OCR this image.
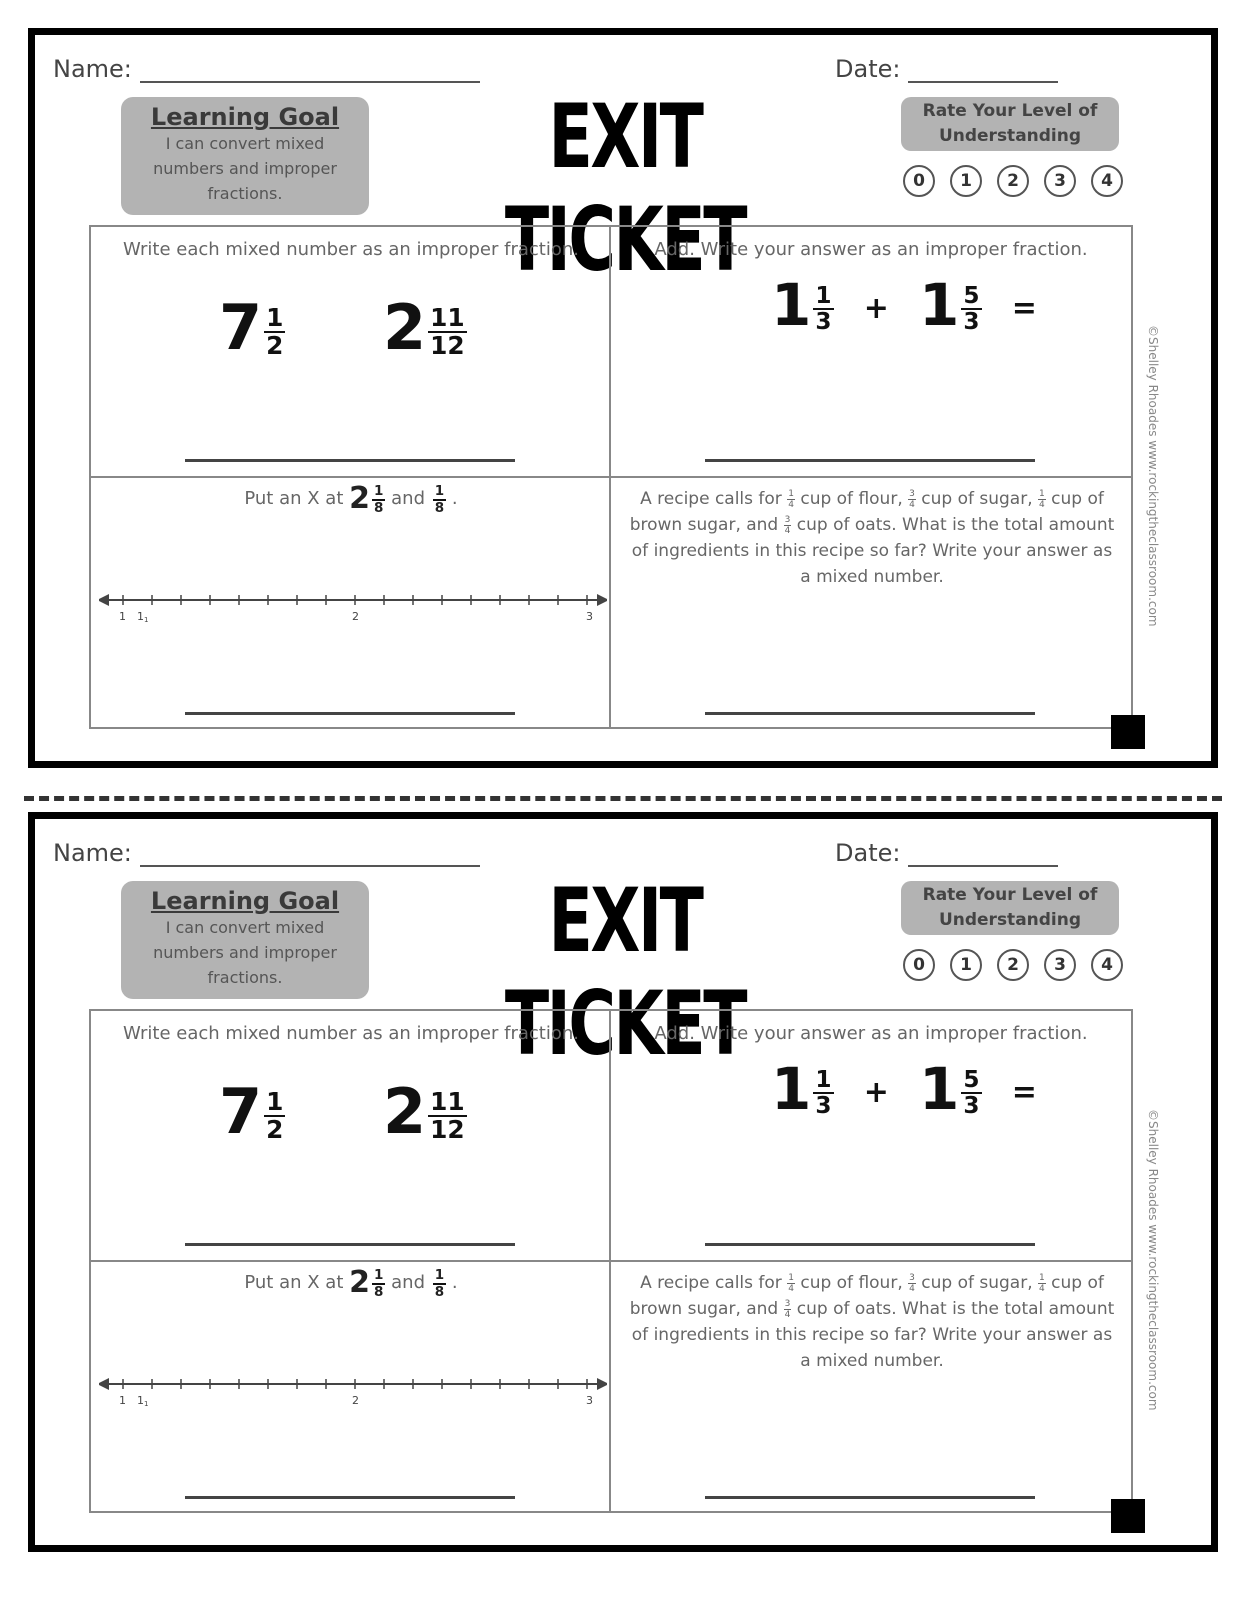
Name:	Date:
Learning Goal
I can convert mixed numbers and improper fractions.
EXIT TICKET
Rate Your Level of Understanding
0	1	2	3	4
Write each mixed number as an improper fraction.
$7 \frac{1}{2} 2 \frac{11}{12}$
Add. Write your answer as an improper fraction.
$1 \frac{1}{3} + 1 \frac{5}{3}$ =
Put an X at $2 \frac{1}{8}$ and $\frac{1}{8}$ .
1 1 1	2	3
A recipe calls for $\frac{1}{4}$ cup of flour, $\frac{3}{4}$ cup of sugar, $\frac{1}{4}$ cup of brown sugar, and $\frac{3}{4}$ cup of oats. What is the total amount of ingredients in this recipe so far? Write your answer as a mixed number.	©Shelley Rhoades www.rockingtheclassroom.com
Name:	Date:
Learning Goal
I can convert mixed numbers and improper fractions.
EXIT TICKET
Rate Your Level of Understanding
0	1	2	3	4
Write each mixed number as an improper fraction.
$7 \frac{1}{2} 2 \frac{11}{12}$
Add. Write your answer as an improper fraction.
$1 \frac{1}{3} + 1 \frac{5}{3}$ =
Put an X at $2 \frac{1}{8}$ and $\frac{1}{8}$ .
1 1 1	2	3
A recipe calls for $\frac{1}{4}$ cup of flour, $\frac{3}{4}$ cup of sugar, $\frac{1}{4}$ cup of brown sugar, and $\frac{3}{4}$ cup of oats. What is the total amount of ingredients in this recipe so far? Write your answer as a mixed number.	©Shelley Rhoades www.rockingtheclassroom.com
